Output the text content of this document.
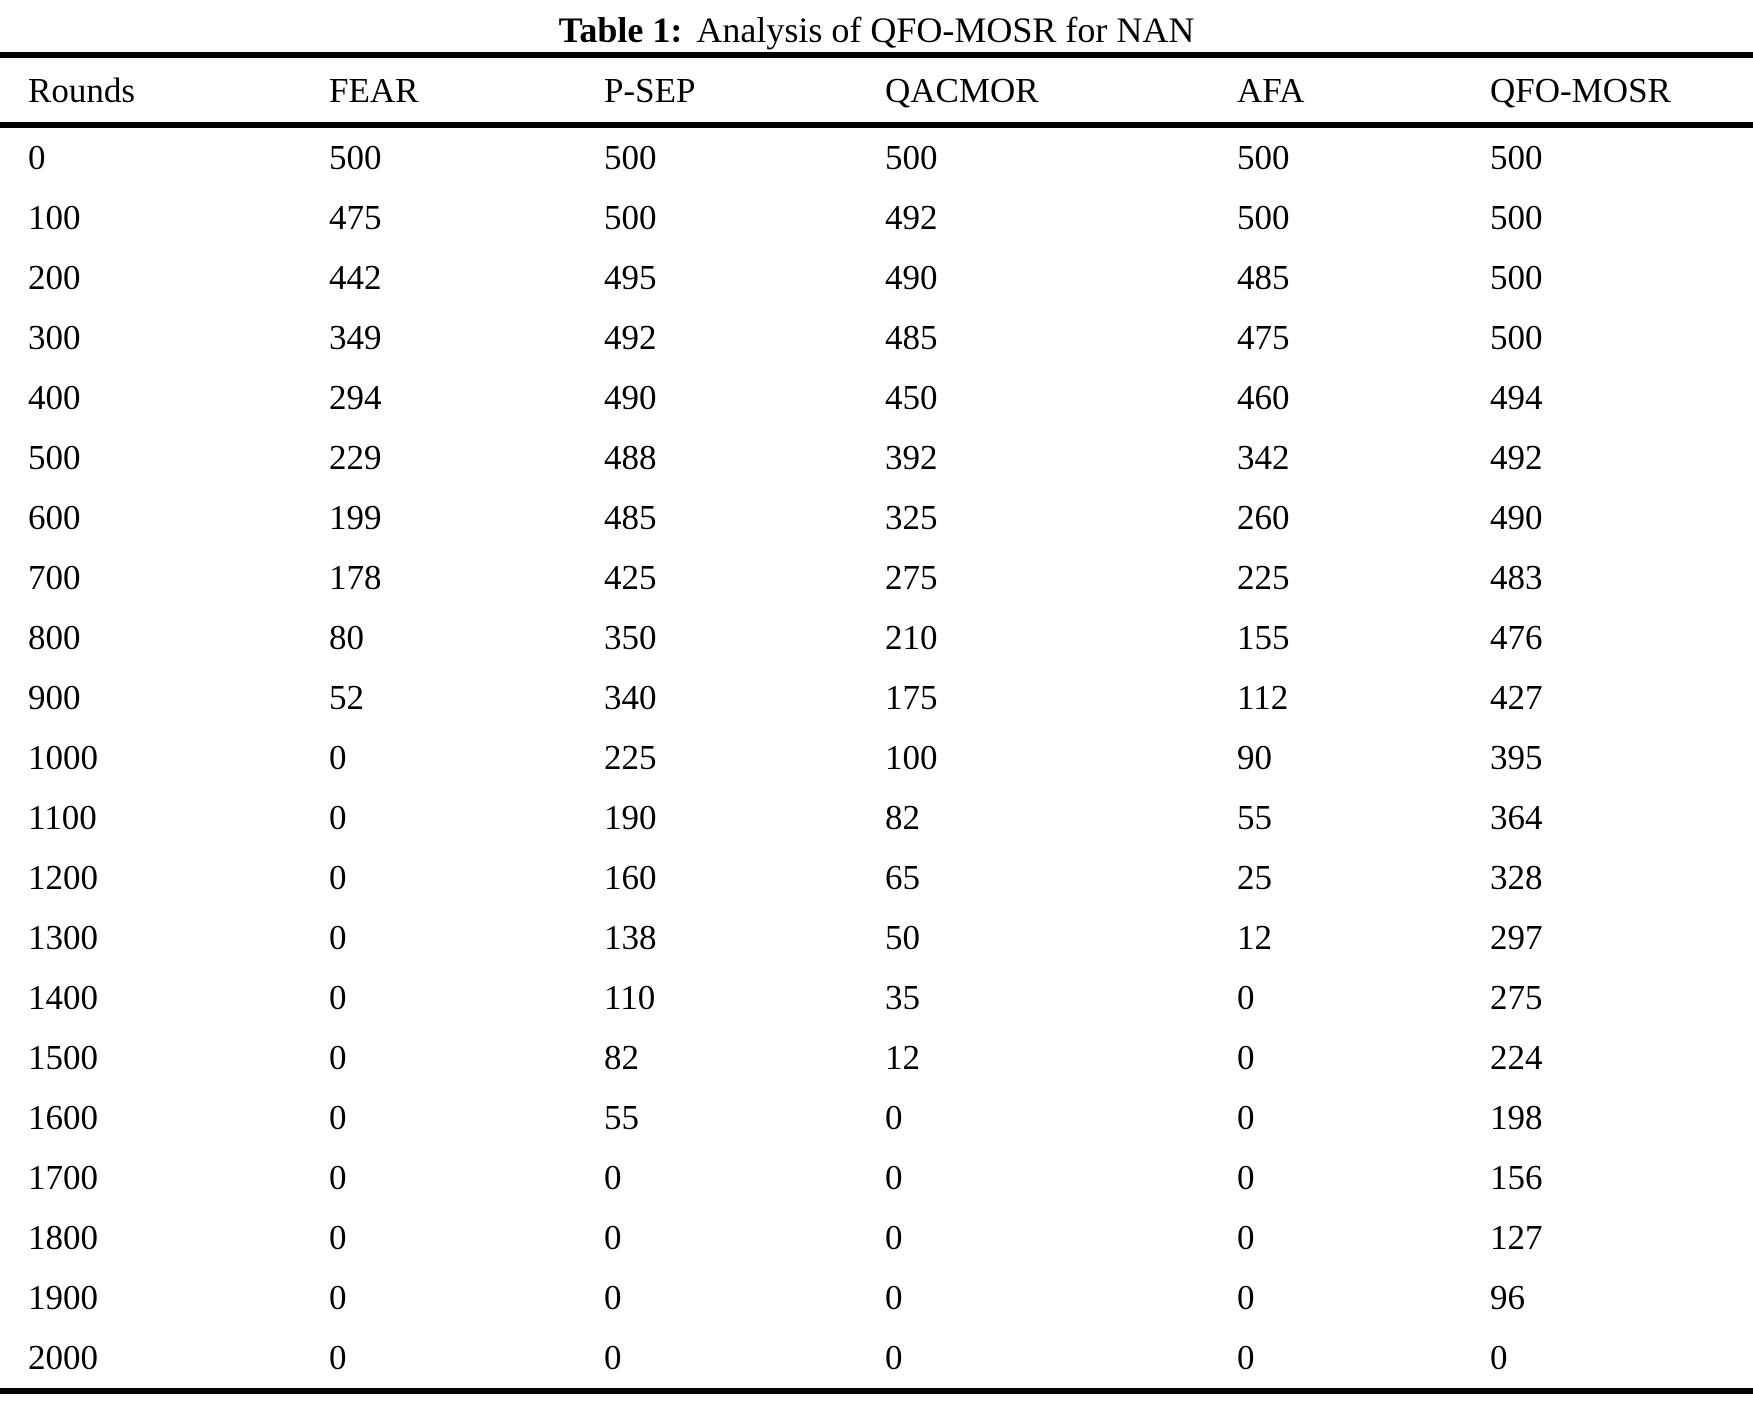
Table 1: Analysis of QFO-MOSR for NAN
Rounds	FEAR	P-SEP	QACMOR	AFA	QFO-MOSR
0	500	500	500	500	500
100	475	500	492	500	500
200	442	495	490	485	500
300	349	492	485	475	500
400	294	490	450	460	494
500	229	488	392	342	492
600	199	485	325	260	490
700	178	425	275	225	483
800	80	350	210	155	476
900	52	340	175	112	427
1000	0	225	100	90	395
1100	0	190	82	55	364
1200	0	160	65	25	328
1300	0	138	50	12	297
1400	0	110	35	0	275
1500	0	82	12	0	224
1600	0	55	0	0	198
1700	0	0	0	0	156
1800	0	0	0	0	127
1900	0	0	0	0	96
2000	0	0	0	0	0
